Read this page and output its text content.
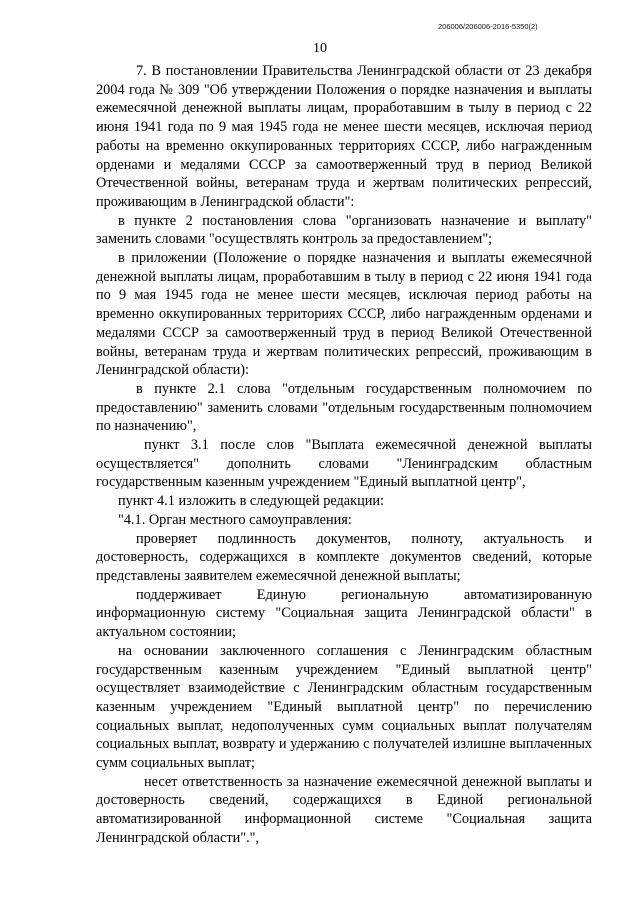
206006/206006-2016-5350(2)
10

7. В постановлении Правительства Ленинградской области от 23 декабря 2004 года № 309 "Об утверждении Положения о порядке назначения и выплаты ежемесячной денежной выплаты лицам, проработавшим в тылу в период с 22 июня 1941 года по 9 мая 1945 года не менее шести месяцев, исключая период работы на временно оккупированных территориях СССР, либо награжденным орденами и медалями СССР за самоотверженный труд в период Великой Отечественной войны, ветеранам труда и жертвам политических репрессий, проживающим в Ленинградской области":

в пункте 2 постановления слова "организовать назначение и выплату" заменить словами "осуществлять контроль за предоставлением";

в приложении (Положение о порядке назначения и выплаты ежемесячной денежной выплаты лицам, проработавшим в тылу в период с 22 июня 1941 года по 9 мая 1945 года не менее шести месяцев, исключая период работы на временно оккупированных территориях СССР, либо награжденным орденами и медалями СССР за самоотверженный труд в период Великой Отечественной войны, ветеранам труда и жертвам политических репрессий, проживающим в Ленинградской области):

в пункте 2.1 слова "отдельным государственным полномочием по предоставлению" заменить словами "отдельным государственным полномочием по назначению",

пункт 3.1 после слов "Выплата ежемесячной денежной выплаты осуществляется" дополнить словами "Ленинградским областным государственным казенным учреждением "Единый выплатной центр",

пункт 4.1 изложить в следующей редакции:

"4.1. Орган местного самоуправления:

проверяет подлинность документов, полноту, актуальность и достоверность, содержащихся в комплекте документов сведений, которые представлены заявителем ежемесячной денежной выплаты;

поддерживает Единую региональную автоматизированную информационную систему "Социальная защита Ленинградской области" в актуальном состоянии;

на основании заключенного соглашения с Ленинградским областным государственным казенным учреждением "Единый выплатной центр" осуществляет взаимодействие с Ленинградским областным государственным казенным учреждением "Единый выплатной центр" по перечислению социальных выплат, недополученных сумм социальных выплат получателям социальных выплат, возврату и удержанию с получателей излишне выплаченных сумм социальных выплат;

несет ответственность за назначение ежемесячной денежной выплаты и достоверность сведений, содержащихся в Единой региональной автоматизированной информационной системе "Социальная защита Ленинградской области".",
